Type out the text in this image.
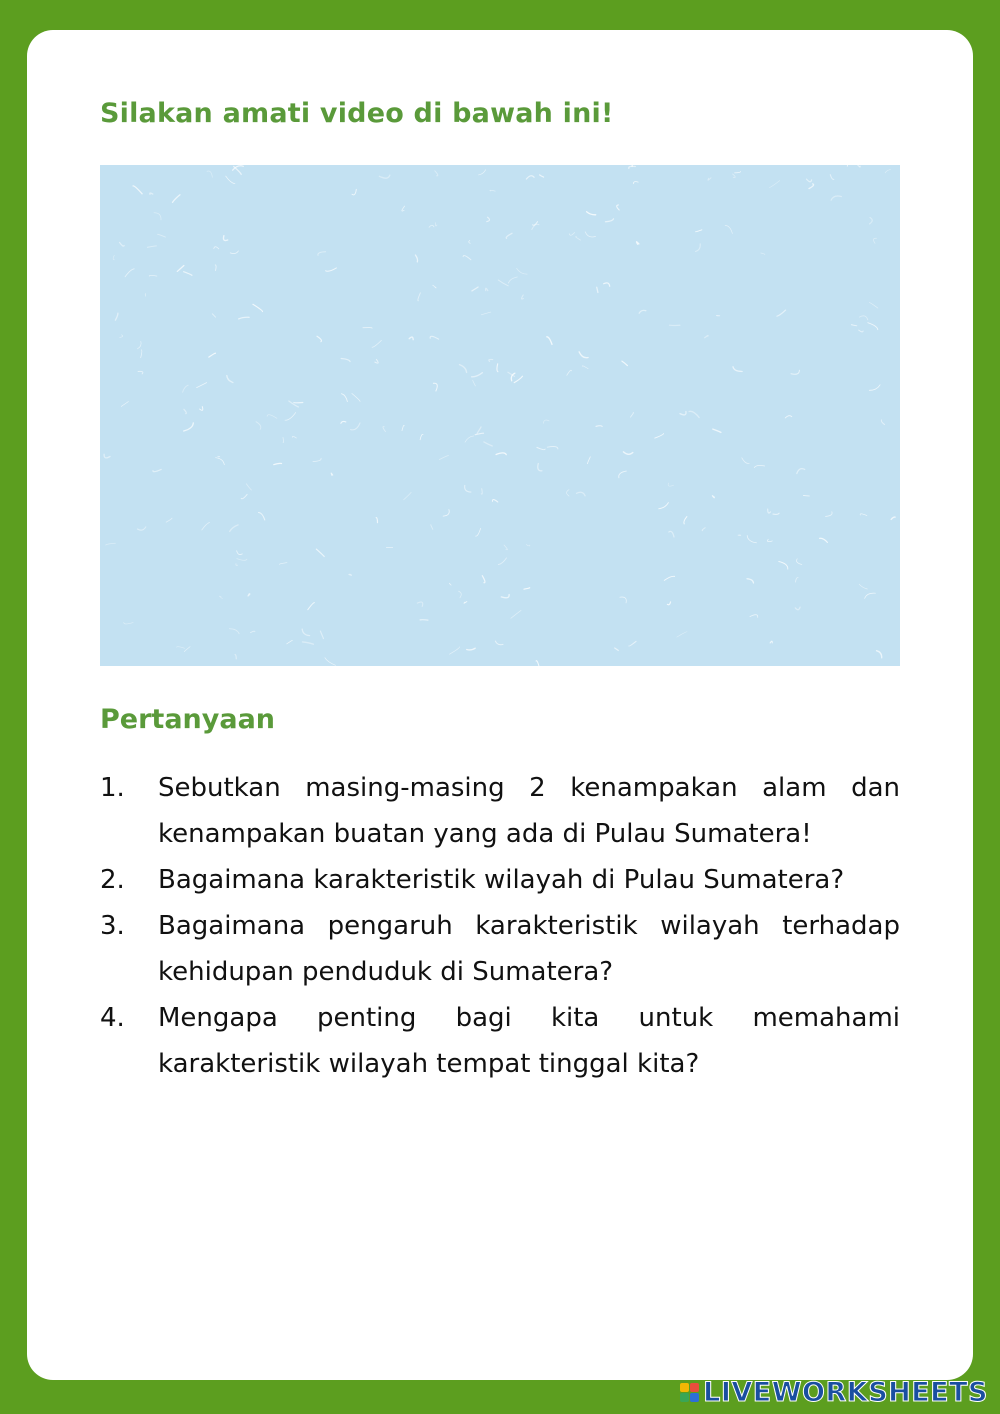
Silakan amati video di bawah ini!
Pertanyaan
1.	Sebutkan masing-masing 2 kenampakan alam dan kenampakan buatan yang ada di Pulau Sumatera!
2.	Bagaimana karakteristik wilayah di Pulau Sumatera?
3.	Bagaimana pengaruh karakteristik wilayah terhadap kehidupan penduduk di Sumatera?
4.	Mengapa penting bagi kita untuk memahami karakteristik wilayah tempat tinggal kita?
LIVEWORKSHEETS
